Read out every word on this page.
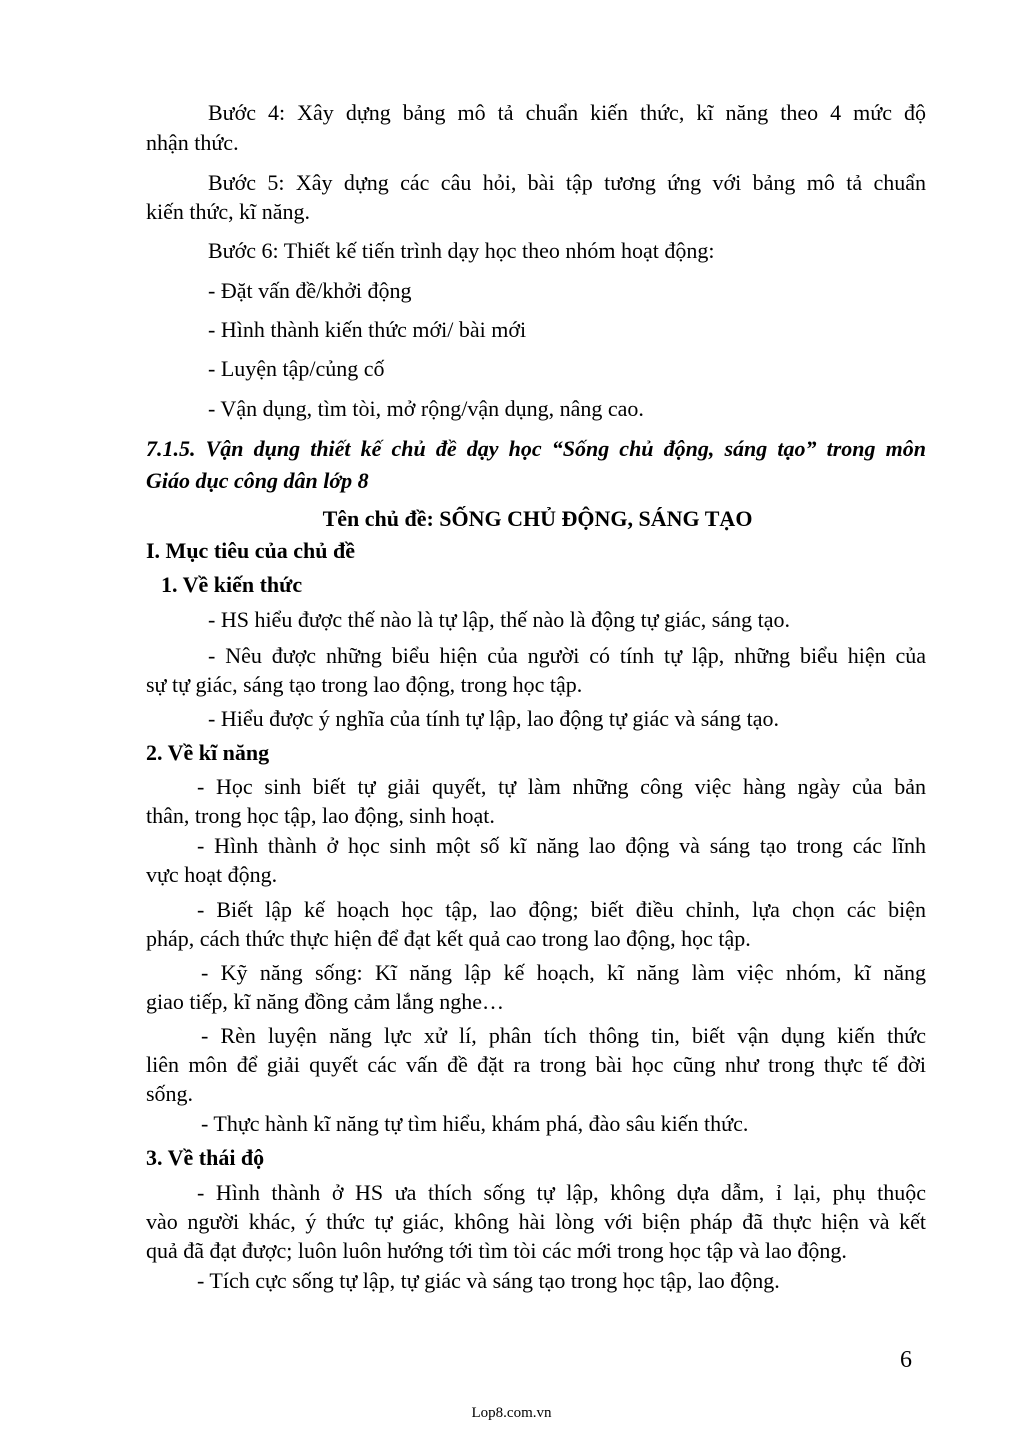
Bước 4: Xây dựng bảng mô tả chuẩn kiến thức, kĩ năng theo 4 mức độ
nhận thức.
Bước 5: Xây dựng các câu hỏi, bài tập tương ứng với bảng mô tả chuẩn
kiến thức, kĩ năng.
Bước 6: Thiết kế tiến trình dạy học theo nhóm hoạt động:
- Đặt vấn đề/khởi động
- Hình thành kiến thức mới/ bài mới
- Luyện tập/củng cố
- Vận dụng, tìm tòi, mở rộng/vận dụng, nâng cao.
7.1.5. Vận dụng thiết kế chủ đề dạy học “Sống chủ động, sáng tạo” trong môn
Giáo dục công dân lớp 8
Tên chủ đề: SỐNG CHỦ ĐỘNG, SÁNG TẠO
I. Mục tiêu của chủ đề
1. Về kiến thức
- HS hiểu được thế nào là tự lập, thế nào là động tự giác, sáng tạo.
- Nêu được những biểu hiện của người có tính tự lập, những biểu hiện của
sự tự giác, sáng tạo trong lao động, trong học tập.
- Hiểu được ý nghĩa của tính tự lập, lao động tự giác và sáng tạo.
2. Về kĩ năng
- Học sinh biết tự giải quyết, tự làm những công việc hàng ngày của bản
thân, trong học tập, lao động, sinh hoạt.
- Hình thành ở học sinh một số kĩ năng lao động và sáng tạo trong các lĩnh
vực hoạt động.
- Biết lập kế hoạch học tập, lao động; biết điều chỉnh, lựa chọn các biện
pháp, cách thức thực hiện để đạt kết quả cao trong lao động, học tập.
- Kỹ năng sống: Kĩ năng lập kế hoạch, kĩ năng làm việc nhóm, kĩ năng
giao tiếp, kĩ năng đồng cảm lắng nghe…
- Rèn luyện năng lực xử lí, phân tích thông tin, biết vận dụng kiến thức
liên môn để giải quyết các vấn đề đặt ra trong bài học cũng như trong thực tế đời
sống.
- Thực hành kĩ năng tự tìm hiểu, khám phá, đào sâu kiến thức.
3. Về thái độ
- Hình thành ở HS ưa thích sống tự lập, không dựa dẫm, ỉ lại, phụ thuộc
vào người khác, ý thức tự giác, không hài lòng với biện pháp đã thực hiện và kết
quả đã đạt được; luôn luôn hướng tới tìm tòi các mới trong học tập và lao động.
- Tích cực sống tự lập, tự giác và sáng tạo trong học tập, lao động.
6
Lop8.com.vn
